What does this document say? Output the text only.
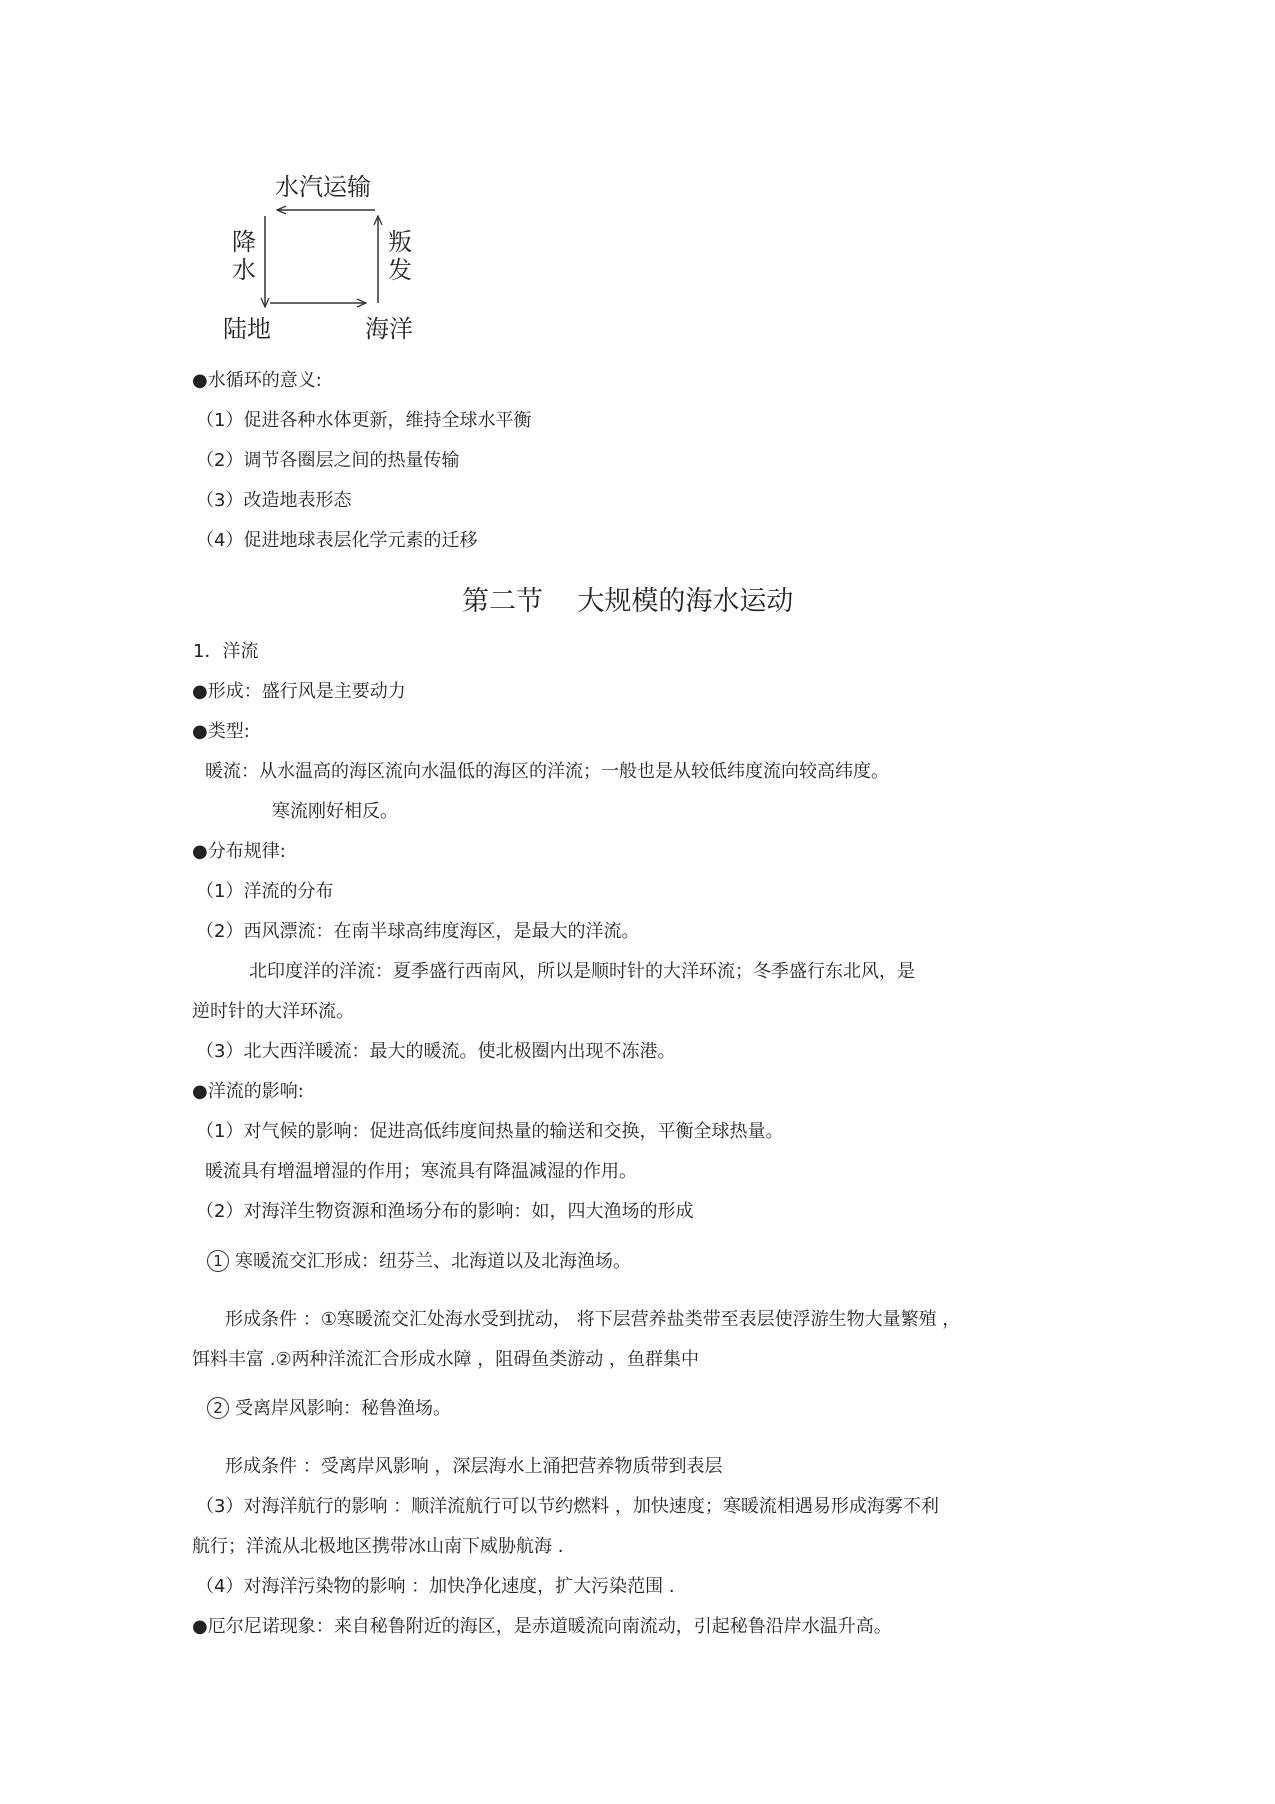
水汽运输
降水
叛发
陆地	海洋
●水循环的意义:
（1）促进各种水体更新，维持全球水平衡
（2）调节各圈层之间的热量传输
（3）改造地表形态
（4）促进地球表层化学元素的迁移
第二节    大规模的海水运动
1．洋流
●形成：盛行风是主要动力
●类型:
暖流：从水温高的海区流向水温低的海区的洋流；一般也是从较低纬度流向较高纬度。
寒流刚好相反。
●分布规律:
（1）洋流的分布
（2）西风漂流：在南半球高纬度海区，是最大的洋流。
北印度洋的洋流：夏季盛行西南风，所以是顺时针的大洋环流；冬季盛行东北风，是
逆时针的大洋环流。
（3）北大西洋暖流：最大的暖流。使北极圈内出现不冻港。
●洋流的影响:
（1）对气候的影响：促进高低纬度间热量的输送和交换，平衡全球热量。
暖流具有增温增湿的作用；寒流具有降温减湿的作用。
（2）对海洋生物资源和渔场分布的影响：如，四大渔场的形成
1 寒暖流交汇形成：纽芬兰、北海道以及北海渔场。
形成条件 ：①寒暖流交汇处海水受到扰动， 将下层营养盐类带至表层使浮游生物大量繁殖 ，
饵料丰富 .②两种洋流汇合形成水障 ，阻碍鱼类游动 ，鱼群集中
2 受离岸风影响：秘鲁渔场。
形成条件 ：受离岸风影响 ，深层海水上涌把营养物质带到表层
（3）对海洋航行的影响 ：顺洋流航行可以节约燃料 ，加快速度；寒暖流相遇易形成海雾不利
航行；洋流从北极地区携带冰山南下威胁航海 .
（4）对海洋污染物的影响 ：加快净化速度，扩大污染范围 .
●厄尔尼诺现象：来自秘鲁附近的海区，是赤道暖流向南流动，引起秘鲁沿岸水温升高。
